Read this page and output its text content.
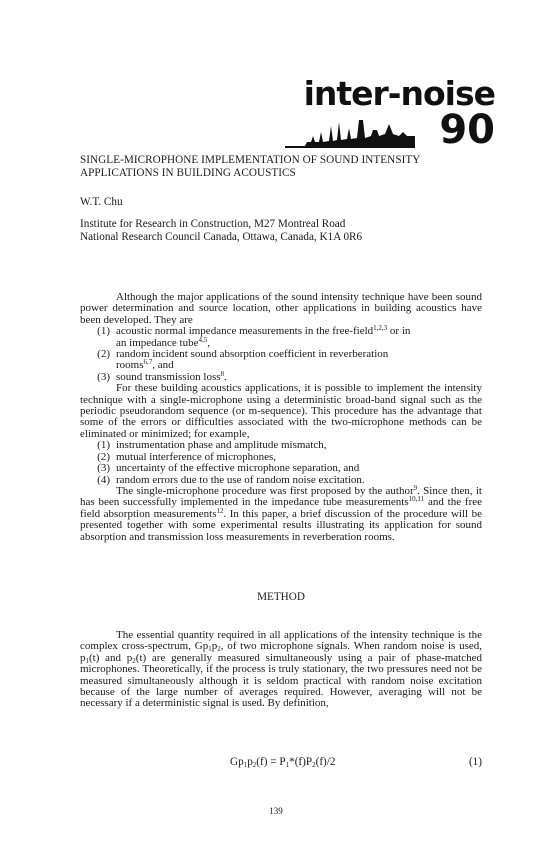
inter-noise
90
SINGLE-MICROPHONE IMPLEMENTATION OF SOUND INTENSITY
APPLICATIONS IN BUILDING ACOUSTICS
W.T. Chu
Institute for Research in Construction, M27 Montreal Road
National Research Council Canada, Ottawa, Canada, K1A 0R6

Although the major applications of the sound intensity technique have been sound power determination and source location, other applications in building acoustics have been developed. They are

(1) acoustic normal impedance measurements in the free-field$^{1,2,3}$ or in
an impedance tube$^{4,5}$,
(2) random incident sound absorption coefficient in reverberation
rooms$^{6,7}$, and
(3) sound transmission loss$^8$.

For these building acoustics applications, it is possible to implement the intensity technique with a single-microphone using a deterministic broad-band signal such as the periodic pseudorandom sequence (or m-sequence). This procedure has the advantage that some of the errors or difficulties associated with the two-microphone methods can be eliminated or minimized; for example,

(1) instrumentation phase and amplitude mismatch,
(2) mutual interference of microphones,
(3) uncertainty of the effective microphone separation, and
(4) random errors due to the use of random noise excitation.

The single-microphone procedure was first proposed by the author$^9$. Since then, it has been successfully implemented in the impedance tube measurements$^{10,11}$ and the free field absorption measurements$^{12}$. In this paper, a brief discussion of the procedure will be presented together with some experimental results illustrating its application for sound absorption and transmission loss measurements in reverberation rooms.

METHOD

The essential quantity required in all applications of the intensity technique is the complex cross-spectrum, $Gp_1p_2$, of two microphone signals. When random noise is used, $p_1(t)$ and $p_2(t)$ are generally measured simultaneously using a pair of phase-matched microphones. Theoretically, if the process is truly stationary, the two pressures need not be measured simultaneously although it is seldom practical with random noise excitation because of the large number of averages required. However, averaging will not be necessary if a deterministic signal is used. By definition,

$Gp_1p_2(f) = P_1*(f)P_2(f)/2$	(1)
139
